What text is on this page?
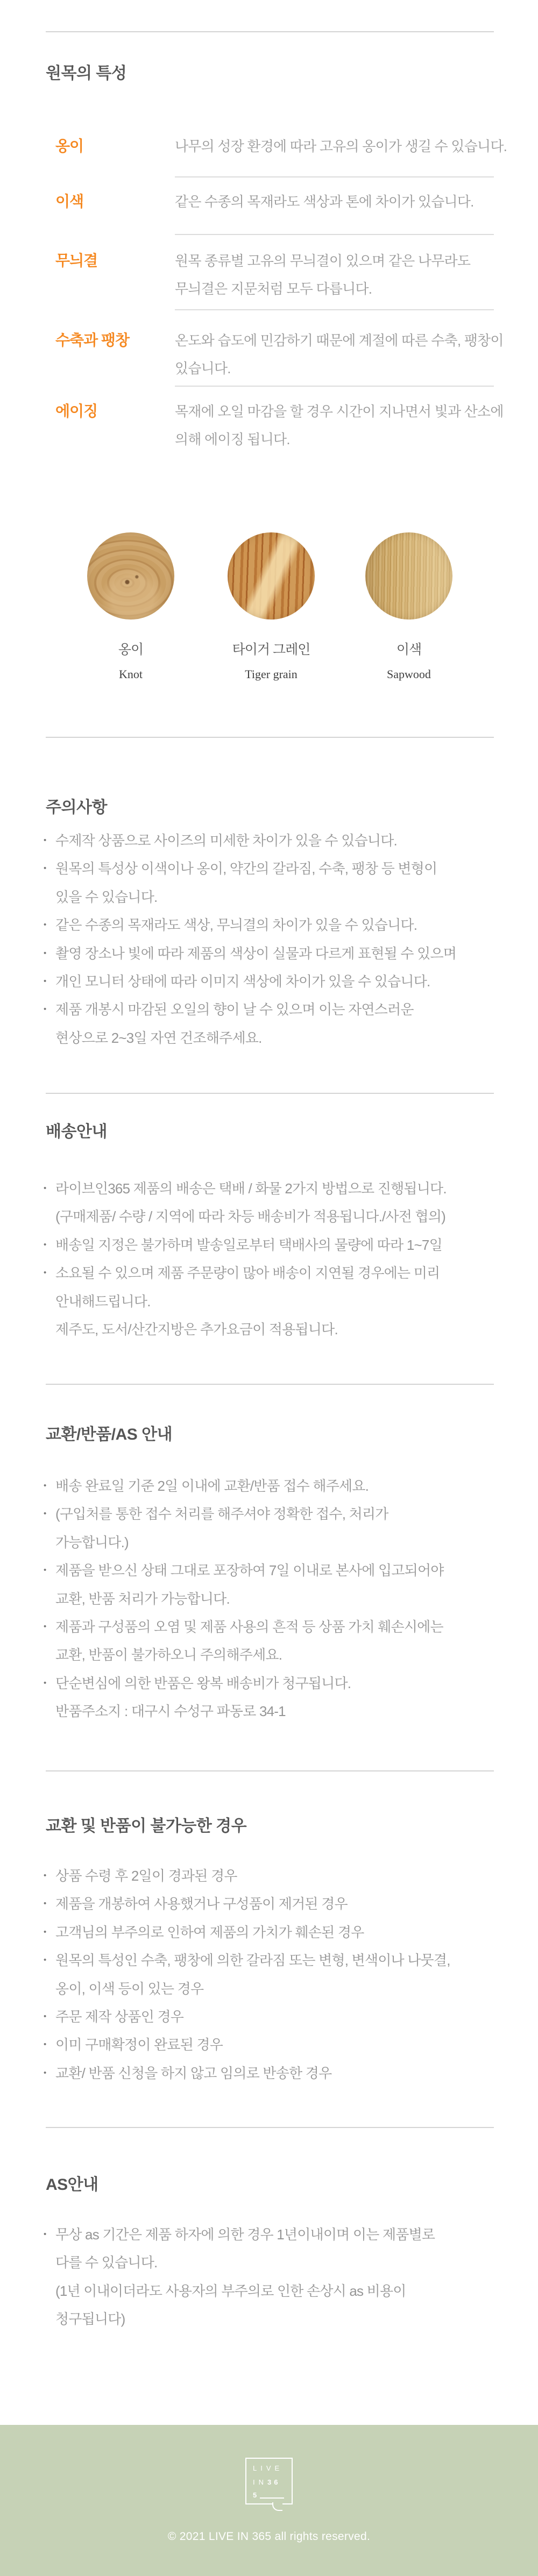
원목의 특성
옹이	나무의 성장 환경에 따라 고유의 옹이가 생길 수 있습니다.
이색	같은 수종의 목재라도 색상과 톤에 차이가 있습니다.
무늬결	원목 종류별 고유의 무늬결이 있으며 같은 나무라도
무늬결은 지문처럼 모두 다릅니다.
수축과 팽창	온도와 습도에 민감하기 때문에 계절에 따른 수축, 팽창이
있습니다.
에이징	목재에 오일 마감을 할 경우 시간이 지나면서 빛과 산소에
의해 에이징 됩니다.

옹이	타이거 그레인	이색

Knot	Tiger grain	Sapwood

주의사항
• 수제작 상품으로 사이즈의 미세한 차이가 있을 수 있습니다.
• 원목의 특성상 이색이나 옹이, 약간의 갈라짐, 수축, 팽창 등 변형이
있을 수 있습니다.
• 같은 수종의 목재라도 색상, 무늬결의 차이가 있을 수 있습니다.
• 촬영 장소나 빛에 따라 제품의 색상이 실물과 다르게 표현될 수 있으며
• 개인 모니터 상태에 따라 이미지 색상에 차이가 있을 수 있습니다.
• 제품 개봉시 마감된 오일의 향이 날 수 있으며 이는 자연스러운
현상으로 2~3일 자연 건조해주세요.
배송안내
• 라이브인365 제품의 배송은 택배 / 화물 2가지 방법으로 진행됩니다.
(구매제품/ 수량 / 지역에 따라 차등 배송비가 적용됩니다./사전 협의)
• 배송일 지정은 불가하며 발송일로부터 택배사의 물량에 따라 1~7일
• 소요될 수 있으며 제품 주문량이 많아 배송이 지연될 경우에는 미리
안내해드립니다.
제주도, 도서/산간지방은 추가요금이 적용됩니다.
교환/반품/AS 안내
• 배송 완료일 기준 2일 이내에 교환/반품 접수 해주세요.
• (구입처를 통한 접수 처리를 해주셔야 정확한 접수, 처리가
가능합니다.)
• 제품을 받으신 상태 그대로 포장하여 7일 이내로 본사에 입고되어야
교환, 반품 처리가 가능합니다.
• 제품과 구성품의 오염 및 제품 사용의 흔적 등 상품 가치 훼손시에는
교환, 반품이 불가하오니 주의해주세요.
• 단순변심에 의한 반품은 왕복 배송비가 청구됩니다.
반품주소지 : 대구시 수성구 파동로 34-1
교환 및 반품이 불가능한 경우
• 상품 수령 후 2일이 경과된 경우
• 제품을 개봉하여 사용했거나 구성품이 제거된 경우
• 고객님의 부주의로 인하여 제품의 가치가 훼손된 경우
• 원목의 특성인 수축, 팽창에 의한 갈라짐 또는 변형, 변색이나 나뭇결,
옹이, 이색 등이 있는 경우
• 주문 제작 상품인 경우
• 이미 구매확정이 완료된 경우
• 교환/ 반품 신청을 하지 않고 임의로 반송한 경우
AS안내
• 무상 as 기간은 제품 하자에 의한 경우 1년이내이며 이는 제품별로
다를 수 있습니다.
(1년 이내이더라도 사용자의 부주의로 인한 손상시 as 비용이
청구됩니다)
LIVE
IN36
5

© 2021 LIVE IN 365 all rights reserved.
